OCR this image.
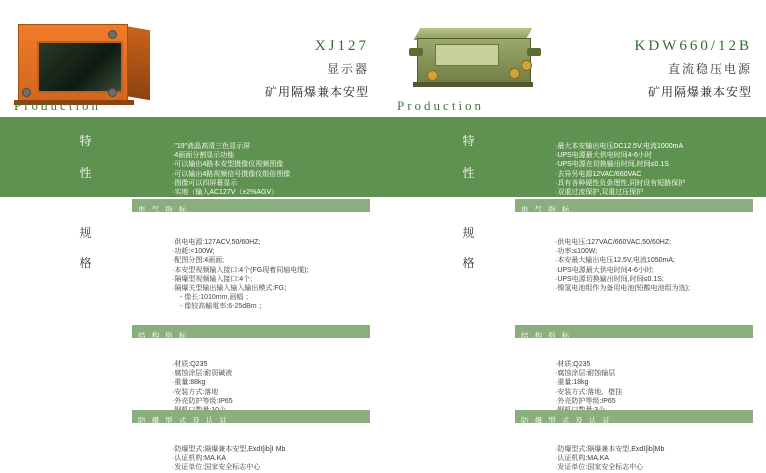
XJ127
显示器
矿用隔爆兼本安型
Production
特
性
·"19"液晶高清三色显示屏
·4画面分割显示功能
·可以输出4路本安型摄像仪视频图像
·可以输出4路视频信号摄像仪组倍图像
·图像可以四屏幕显示
·实地（输入AC127V（±2%AGV）
电 气 指 标
规
格
·供电电源:127ACV,50/60HZ;
·功耗:<100W;
·配图分图:4画面;
·本安型视频输入接口:4个(FG现着同轴电缆);
·隔爆型视频输入接口:4个;
·隔爆关型输出输入输入输出模式:FG；
- 像长:1010mm,画幅 ；
- 像较高輸電率:6-25dBm ；
结 构 指 标
·材质:Q235
·腐蚀涂层:耐弱碱液
·重量:88kg
·安装方式:落地
·外壳防护等级:IP65
防 爆 型 式 及 认 证
·防爆型式:隔爆兼本安型,ExdⅠ[ib]Ⅰ Mb
·认证机构:MA.KA
·发证单位:国家安全标志中心
KDW660/12B
直流稳压电源
矿用隔爆兼本安型
Production
特
性
·最大本安输出电压DC12.5V,电流1000mA
·UPS电源最大供电时间4-6小时
·UPS电源在切换输出时间,时间≤0.1S
·去异另电源12VAC/660VAC
·具有各种硬性负条理性,同时设有短路保护
·双重过流保护,双重过压保护
电 气 指 标
规
格
·供电电压:127VAC/660VAC,50/60HZ;
·功率:≤100W;
·本安最大输出电压12.5V,电流1050mA;
·UPS电源最大供电时间4-6小时;
·UPS电源切换输出时间,时间≤0.1S;
·镍氢电池组作为备用电池(铅酸电池组为选);
结 构 指 标
·材质:Q235
·腐蚀涂层:耐蚀输层
·重量:18kg
·安装方式:落地、壁挂
·外壳防护等级:IP65
防 爆 型 式 及 认 证
·防爆型式:隔爆兼本安型,ExdⅠ[ib]Mb
·认证机构:MA.KA
·发证单位:国家安全标志中心
